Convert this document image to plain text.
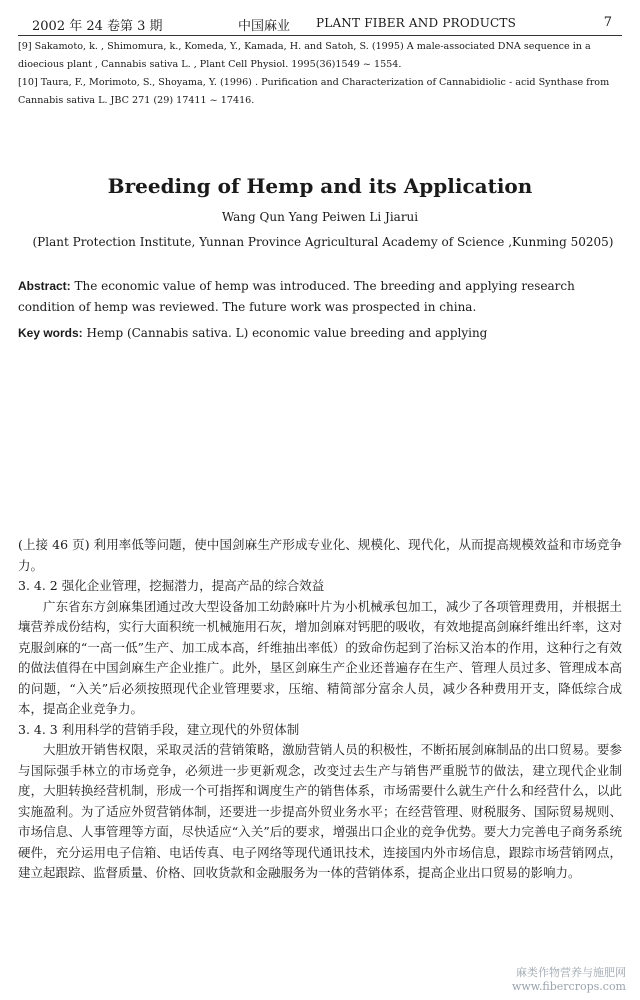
2002 年 24 卷第 3 期	中国麻业 PLANT FIBER AND PRODUCTS	7

[9] Sakamoto, k. , Shimomura, k., Komeda, Y., Kamada, H. and Satoh, S. (1995) A male-associated DNA sequence in a dioecious plant , Cannabis sativa L. , Plant Cell Physiol. 1995(36)1549 ~ 1554.

[10] Taura, F., Morimoto, S., Shoyama, Y. (1996) . Purification and Characterization of Cannabidiolic - acid Synthase from Cannabis sativa L. JBC 271 (29) 17411 ~ 17416.

Breeding of Hemp and its Application
Wang Qun Yang Peiwen Li Jiarui
(Plant Protection Institute, Yunnan Province Agricultural Academy of Science ,Kunming 50205)

Abstract: The economic value of hemp was introduced. The breeding and applying research condition of hemp was reviewed. The future work was prospected in china.

Key words: Hemp (Cannabis sativa. L) economic value breeding and applying

(上接 46 页) 利用率低等问题，使中国剑麻生产形成专业化、规模化、现代化，从而提高规模效益和市场竞争力。

3. 4. 2 强化企业管理，挖掘潜力，提高产品的综合效益

广东省东方剑麻集团通过改大型设备加工幼龄麻叶片为小机械承包加工，减少了各项管理费用，并根据土壤营养成份结构，实行大面积统一机械施用石灰，增加剑麻对钙肥的吸收，有效地提高剑麻纤维出纤率，这对克服剑麻的“一高一低”生产、加工成本高，纤维抽出率低）的致命伤起到了治标又治本的作用，这种行之有效的做法值得在中国剑麻生产企业推广。此外，垦区剑麻生产企业还普遍存在生产、管理人员过多、管理成本高的问题，“入关”后必须按照现代企业管理要求，压缩、精简部分富余人员，减少各种费用开支，降低综合成本，提高企业竞争力。

3. 4. 3 利用科学的营销手段，建立现代的外贸体制

大胆放开销售权限，采取灵活的营销策略，激励营销人员的积极性，不断拓展剑麻制品的出口贸易。要参与国际强手林立的市场竞争，必须进一步更新观念，改变过去生产与销售严重脱节的做法，建立现代企业制度，大胆转换经营机制，形成一个可指挥和调度生产的销售体系，市场需要什么就生产什么和经营什么，以此实施盈利。为了适应外贸营销体制，还要进一步提高外贸业务水平；在经营管理、财税服务、国际贸易规则、市场信息、人事管理等方面，尽快适应“入关”后的要求，增强出口企业的竞争优势。要大力完善电子商务系统硬件，充分运用电子信箱、电话传真、电子网络等现代通讯技术，连接国内外市场信息，跟踪市场营销网点，建立起跟踪、监督质量、价格、回收货款和金融服务为一体的营销体系，提高企业出口贸易的影响力。

麻类作物营养与施肥网
www.fibercrops.com
